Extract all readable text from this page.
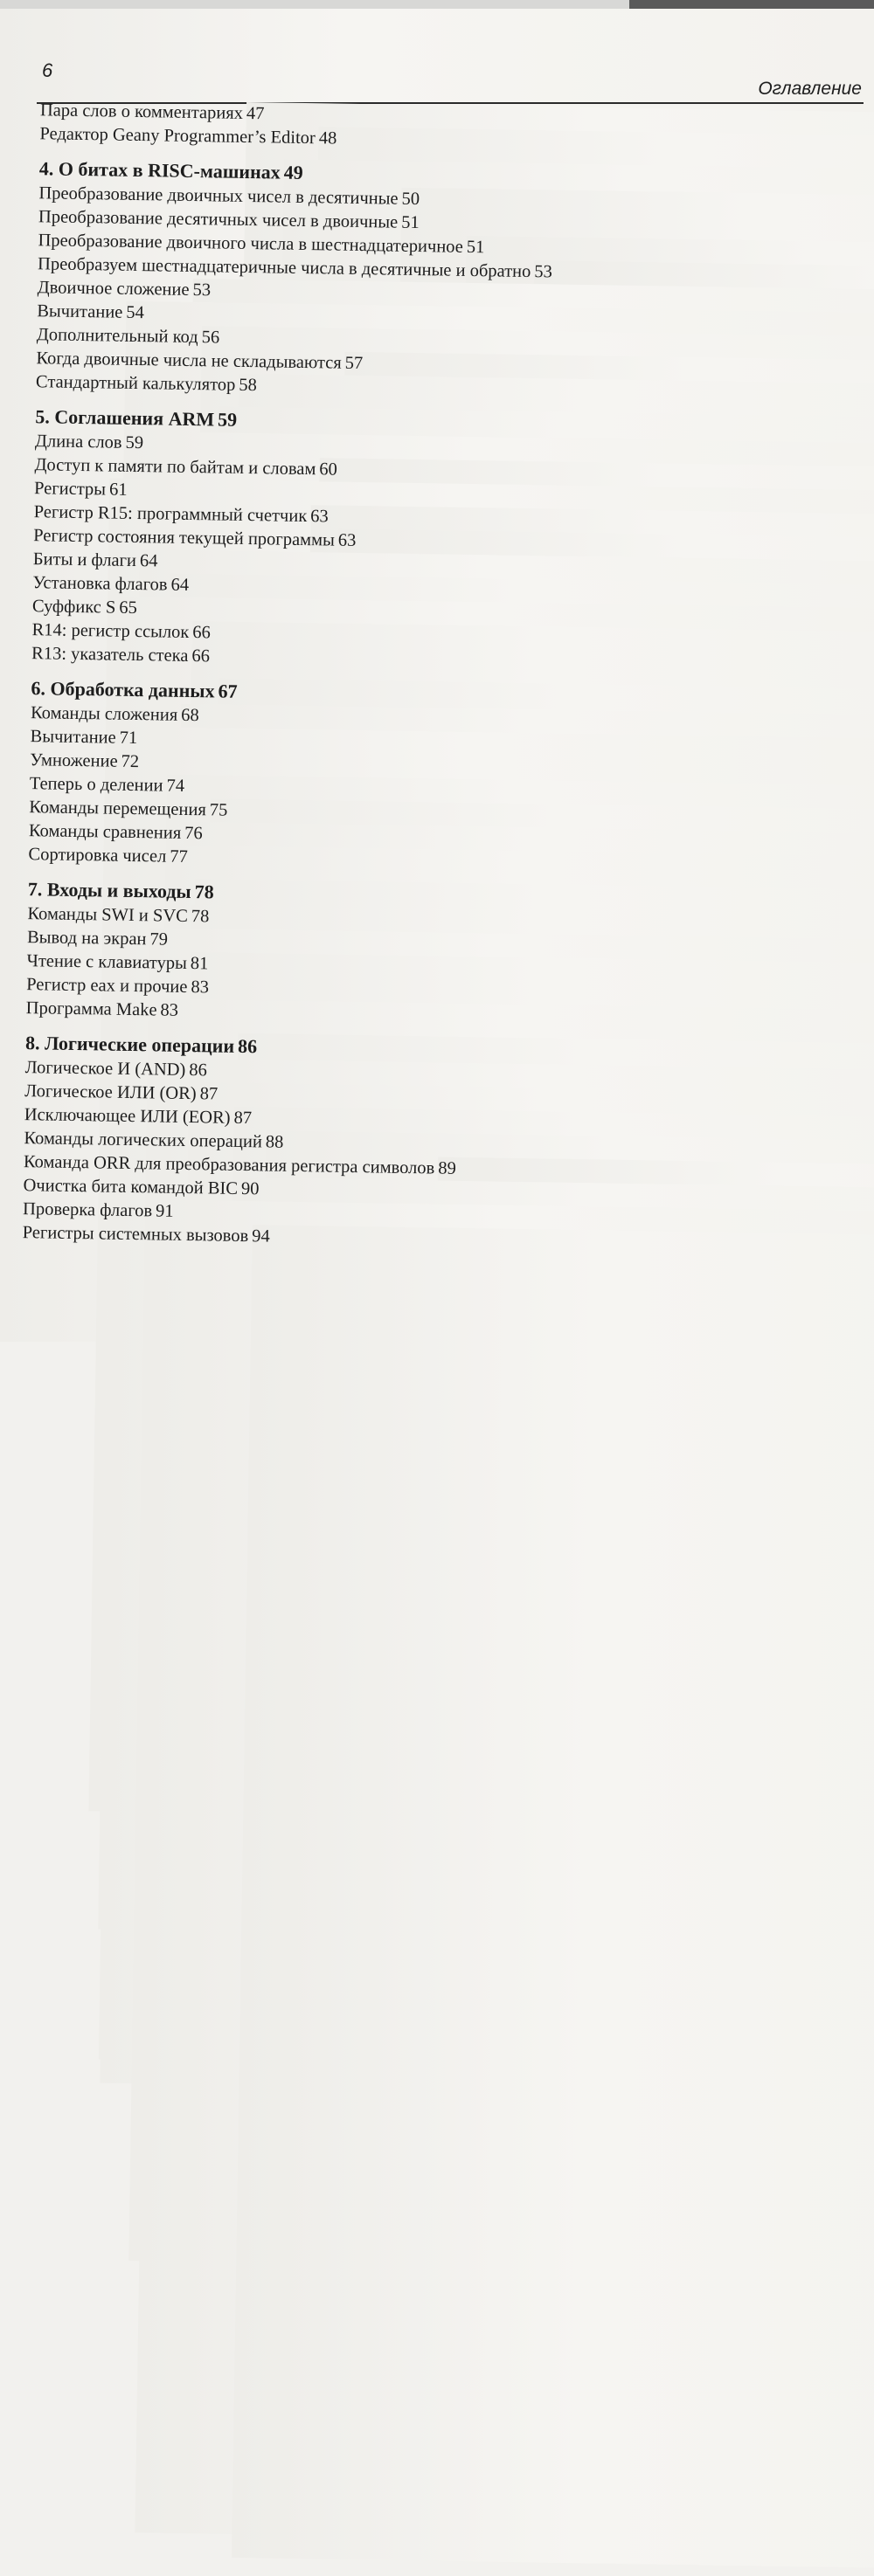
6
Оглавление
Пара слов о комментариях ..... 47
Редактор Geany Programmer’s Editor ..... 48
4. О битах в RISC-машинах ..... 49
Преобразование двоичных чисел в десятичные ..... 50
Преобразование десятичных чисел в двоичные ..... 51
Преобразование двоичного числа в шестнадцатеричное ..... 51
Преобразуем шестнадцатеричные числа в десятичные и обратно ..... 53
Двоичное сложение ..... 53
Вычитание ..... 54
Дополнительный код ..... 56
Когда двоичные числа не складываются ..... 57
Стандартный калькулятор ..... 58
5. Соглашения ARM ..... 59
Длина слов ..... 59
Доступ к памяти по байтам и словам ..... 60
Регистры ..... 61
Регистр R15: программный счетчик ..... 63
Регистр состояния текущей программы ..... 63
Биты и флаги ..... 64
Установка флагов ..... 64
Суффикс S ..... 65
R14: регистр ссылок ..... 66
R13: указатель стека ..... 66
6. Обработка данных ..... 67
Команды сложения ..... 68
Вычитание ..... 71
Умножение ..... 72
Теперь о делении ..... 74
Команды перемещения ..... 75
Команды сравнения ..... 76
Сортировка чисел ..... 77
7. Входы и выходы ..... 78
Команды SWI и SVC ..... 78
Вывод на экран ..... 79
Чтение с клавиатуры ..... 81
Регистр eax и прочие ..... 83
Программа Make ..... 83
8. Логические операции ..... 86
Логическое И (AND) ..... 86
Логическое ИЛИ (OR) ..... 87
Исключающее ИЛИ (EOR) ..... 87
Команды логических операций ..... 88
Команда ORR для преобразования регистра символов ..... 89
Очистка бита командой BIC ..... 90
Проверка флагов ..... 91
Регистры системных вызовов ..... 94
